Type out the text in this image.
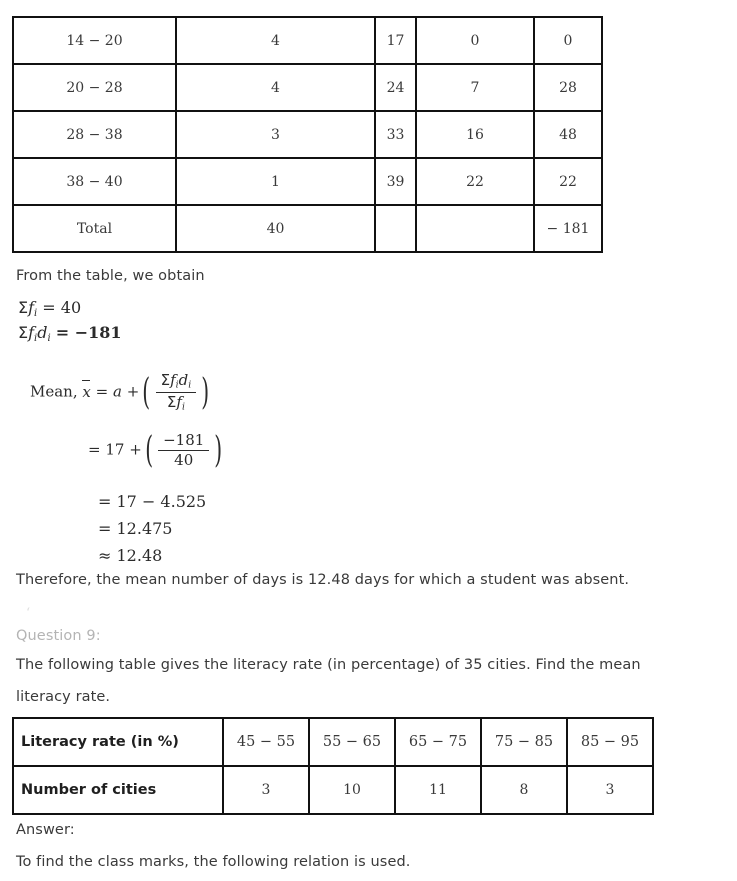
14 − 20	4	17	0	0
20 − 28	4	24	7	28
28 − 38	3	33	16	48
38 − 40	1	39	22	22
Total	40			− 181
From the table, we obtain
$\Sigma f_i = 40$
$\Sigma f_id_i = -181$
Mean, x = a +( $\frac{\Sigma f_id_i}{\Sigma f_i}$ )
= 17 +( $\frac{-181}{40}$ )
= 17 − 4.525
= 12.475
≈ 12.48
Therefore, the mean number of days is 12.48 days for which a student was absent.
‘
Question 9:
The following table gives the literacy rate (in percentage) of 35 cities. Find the mean
literacy rate.
Literacy rate (in %)	45 − 55	55 − 65	65 − 75	75 − 85	85 − 95
Number of cities	3	10	11	8	3
Answer:
To find the class marks, the following relation is used.
